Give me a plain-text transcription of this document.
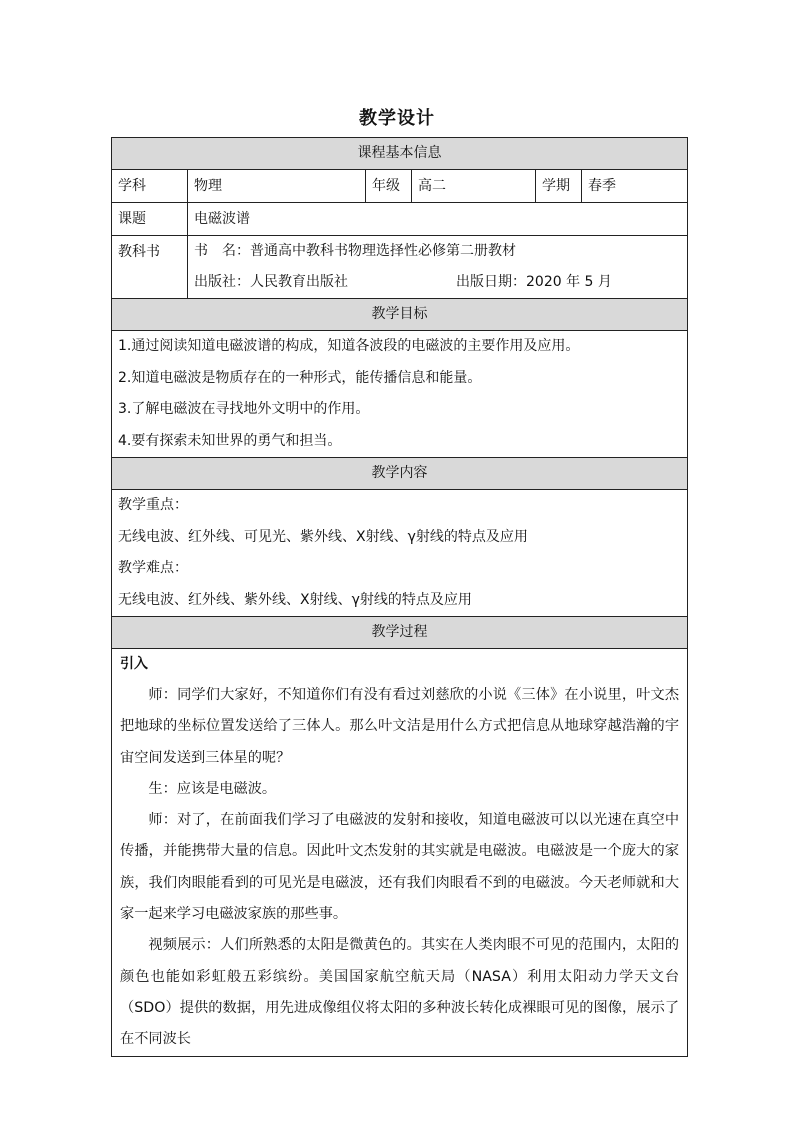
教学设计
课程基本信息					
学科	物理	年级	高二	学期	春季
课题	电磁波谱				
教科书	书　名：普通高中教科书物理选择性必修第二册教材
出版社：人民教育出版社 出版日期：2020 年 5 月				

教学目标					

1.通过阅读知道电磁波谱的构成，知道各波段的电磁波的主要作用及应用。
2.知道电磁波是物质存在的一种形式，能传播信息和能量。
3.了解电磁波在寻找地外文明中的作用。
4.要有探索未知世界的勇气和担当。					

教学内容					

教学重点：
无线电波、红外线、可见光、紫外线、X射线、γ射线的特点及应用
教学难点：
无线电波、红外线、紫外线、X射线、γ射线的特点及应用					

教学过程					

引入

师：同学们大家好，不知道你们有没有看过刘慈欣的小说《三体》在小说里，叶文杰把地球的坐标位置发送给了三体人。那么叶文洁是用什么方式把信息从地球穿越浩瀚的宇宙空间发送到三体星的呢？

生：应该是电磁波。

师：对了，在前面我们学习了电磁波的发射和接收，知道电磁波可以以光速在真空中传播，并能携带大量的信息。因此叶文杰发射的其实就是电磁波。电磁波是一个庞大的家族，我们肉眼能看到的可见光是电磁波，还有我们肉眼看不到的电磁波。今天老师就和大家一起来学习电磁波家族的那些事。

视频展示：人们所熟悉的太阳是微黄色的。其实在人类肉眼不可见的范围内，太阳的颜色也能如彩虹般五彩缤纷。美国国家航空航天局（NASA）利用太阳动力学天文台（SDO）提供的数据，用先进成像组仪将太阳的多种波长转化成裸眼可见的图像，展示了在不同波长					
